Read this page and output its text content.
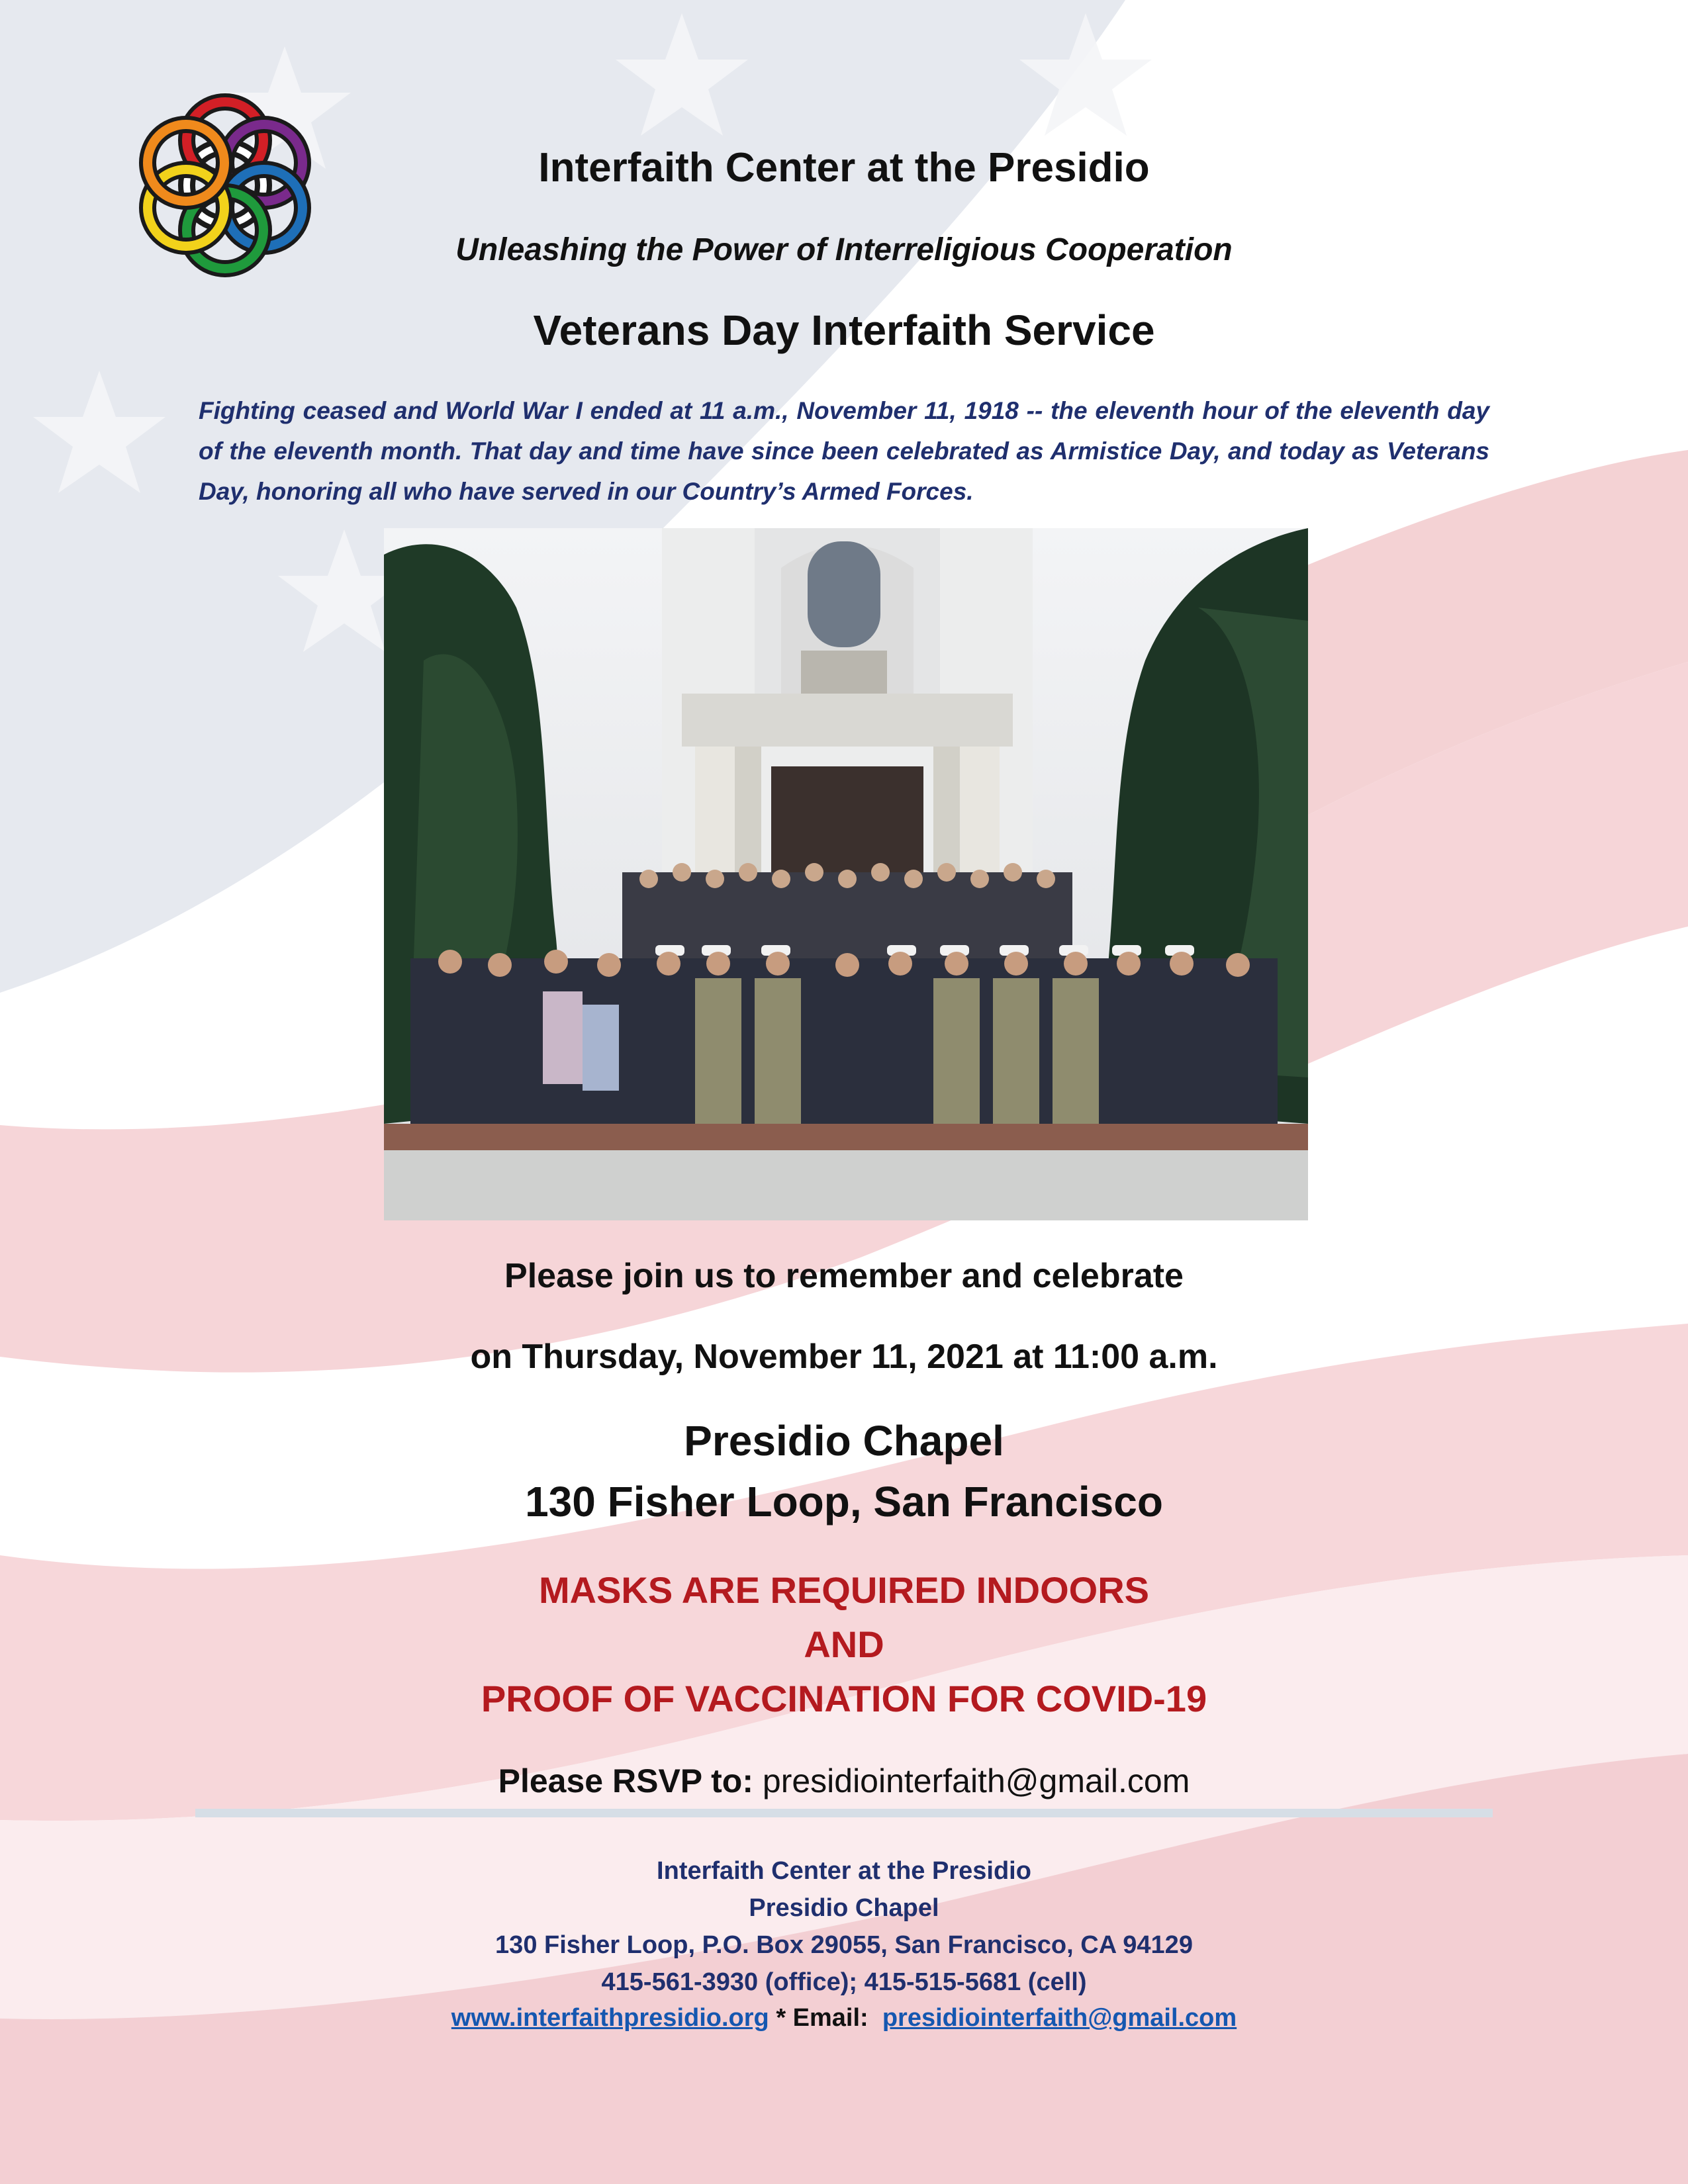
Interfaith Center at the Presidio
Unleashing the Power of Interreligious Cooperation
Veterans Day Interfaith Service
Fighting ceased and World War I ended at 11 a.m., November 11, 1918 -- the eleventh hour of the eleventh day of the eleventh month. That day and time have since been celebrated as Armistice Day, and today as Veterans Day, honoring all who have served in our Country’s Armed Forces.
Please join us to remember and celebrate
on Thursday, November 11, 2021 at 11:00 a.m.
Presidio Chapel
130 Fisher Loop, San Francisco
MASKS ARE REQUIRED INDOORS
AND
PROOF OF VACCINATION FOR COVID-19
Please RSVP to: presidiointerfaith@gmail.com
Interfaith Center at the Presidio
Presidio Chapel
130 Fisher Loop, P.O. Box 29055, San Francisco, CA 94129
415-561-3930 (office); 415-515-5681 (cell)
www.interfaithpresidio.org * Email:  presidiointerfaith@gmail.com
